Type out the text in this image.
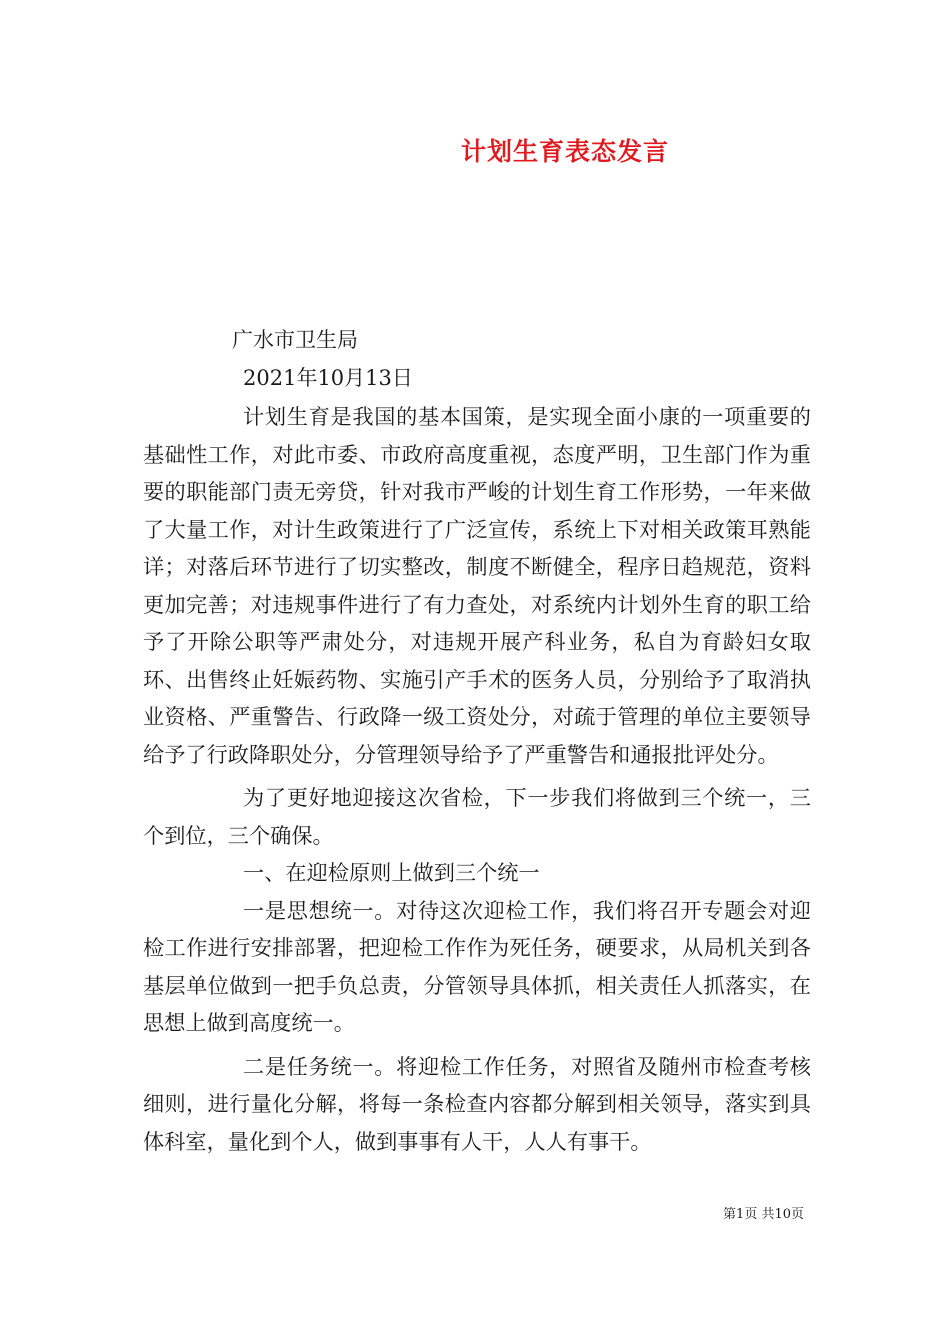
计划生育表态发言
广水市卫生局
2021年10月13日

计划生育是我国的基本国策，是实现全面小康的一项重要的基础性工作，对此市委、市政府高度重视，态度严明，卫生部门作为重要的职能部门责无旁贷，针对我市严峻的计划生育工作形势，一年来做了大量工作，对计生政策进行了广泛宣传，系统上下对相关政策耳熟能详；对落后环节进行了切实整改，制度不断健全，程序日趋规范，资料更加完善；对违规事件进行了有力查处，对系统内计划外生育的职工给予了开除公职等严肃处分，对违规开展产科业务，私自为育龄妇女取环、出售终止妊娠药物、实施引产手术的医务人员，分别给予了取消执业资格、严重警告、行政降一级工资处分，对疏于管理的单位主要领导给予了行政降职处分，分管理领导给予了严重警告和通报批评处分。

为了更好地迎接这次省检，下一步我们将做到三个统一，三个到位，三个确保。

一、在迎检原则上做到三个统一

一是思想统一。对待这次迎检工作，我们将召开专题会对迎检工作进行安排部署，把迎检工作作为死任务，硬要求，从局机关到各基层单位做到一把手负总责，分管领导具体抓，相关责任人抓落实，在思想上做到高度统一。

二是任务统一。将迎检工作任务，对照省及随州市检查考核细则，进行量化分解，将每一条检查内容都分解到相关领导，落实到具体科室，量化到个人，做到事事有人干，人人有事干。

第1页 共10页
